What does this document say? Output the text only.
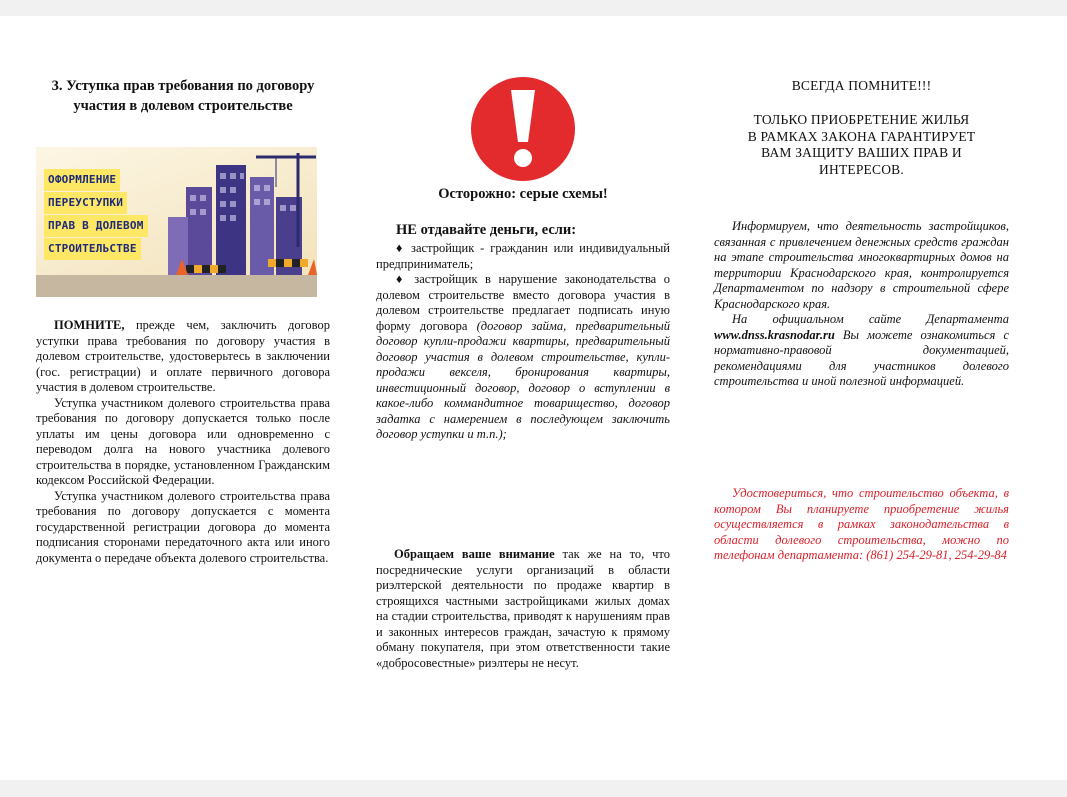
3. Уступка прав требования по договору участия в долевом строительстве
ОФОРМЛЕНИЕ
ПЕРЕУСТУПКИ
ПРАВ В ДОЛЕВОМ
СТРОИТЕЛЬСТВЕ

ПОМНИТЕ, прежде чем, заключить договор уступки права требования по договору участия в долевом строительстве, удостоверьтесь в заключении (гос. регистрации) и оплате первичного договора участия в долевом строительстве.

Уступка участником долевого строительства права требования по договору допускается только после уплаты им цены договора или одновременно с переводом долга на нового участника долевого строительства в порядке, установленном Гражданским кодексом Российской Федерации.

Уступка участником долевого строительства права требования по договору допускается с момента государственной регистрации договора до момента подписания сторонами передаточного акта или иного документа о передаче объекта долевого строительства.

Осторожно: серые схемы!
НЕ отдавайте деньги, если:

♦ застройщик - гражданин или индивидуальный предприниматель;

♦ застройщик в нарушение законодательства о долевом строительстве вместо договора участия в долевом строительстве предлагает подписать иную форму договора (договор займа, предварительный договор купли-продажи квартиры, предварительный договор участия в долевом строительстве, купли-продажи векселя, бронирования квартиры, инвестиционный договор, договор о вступлении в какое-либо коммандитное товарищество, договор задатка с намерением в последующем заключить договор уступки и т.п.);

Обращаем ваше внимание так же на то, что посреднические услуги организаций в области риэлтерской деятельности по продаже квартир в строящихся частными застройщиками жилых домах на стадии строительства, приводят к нарушениям прав и законных интересов граждан, зачастую к прямому обману покупателя, при этом ответственности такие «добросовестные» риэлтеры не несут.

ВСЕГДА ПОМНИТЕ!!!
ТОЛЬКО ПРИОБРЕТЕНИЕ ЖИЛЬЯ
В РАМКАХ ЗАКОНА ГАРАНТИРУЕТ
ВАМ ЗАЩИТУ ВАШИХ ПРАВ И
ИНТЕРЕСОВ.

Информируем, что деятельность застройщиков, связанная с привлечением денежных средств граждан на этапе строительства многоквартирных домов на территории Краснодарского края, контролируется Департаментом по надзору в строительной сфере Краснодарского края.

На официальном сайте Департамента www.dnss.krasnodar.ru Вы можете ознакомиться с нормативно-правовой документацией, рекомендациями для участников долевого строительства и иной полезной информацией.

Удостовериться, что строительство объекта, в котором Вы планируете приобретение жилья осуществляется в рамках законодательства в области долевого строительства, можно по телефонам департамента: (861) 254-29-81, 254-29-84
